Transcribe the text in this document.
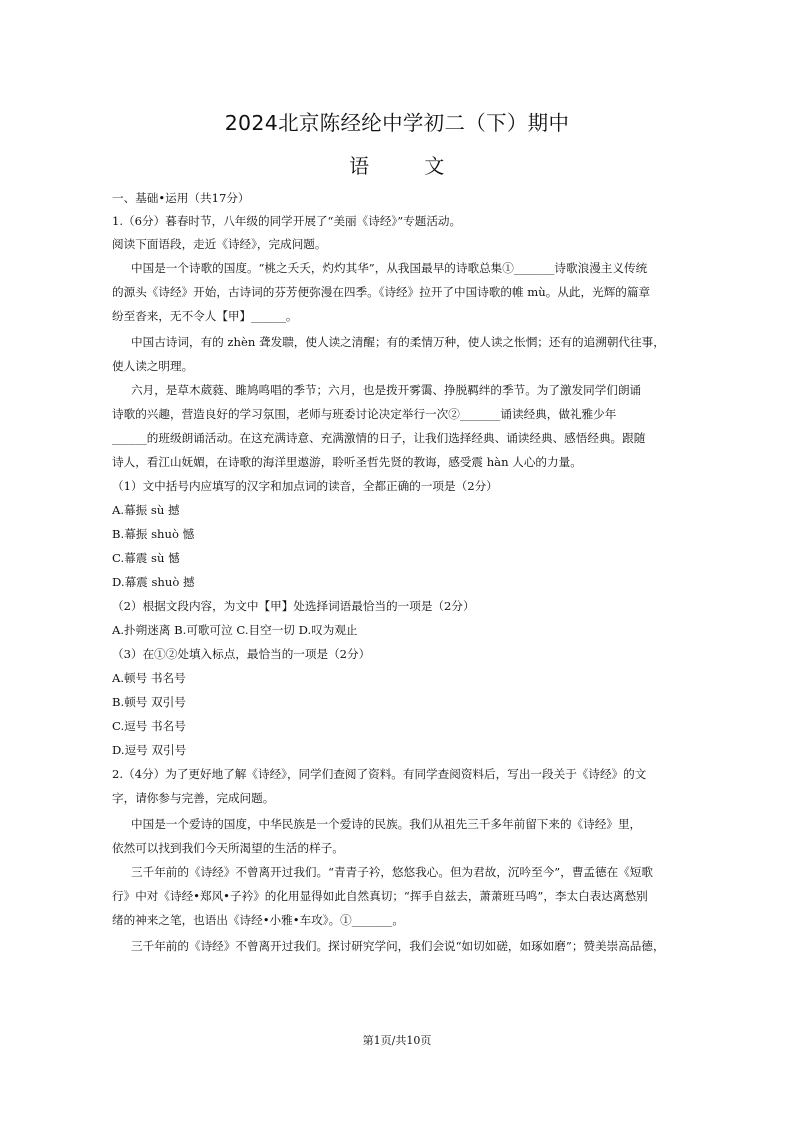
2024北京陈经纶中学初二（下）期中
语	文
一、基础•运用（共17分）
1.（6分）暮春时节，八年级的同学开展了“美丽《诗经》”专题活动。
阅读下面语段，走近《诗经》，完成问题。
中国是一个诗歌的国度。“桃之夭夭，灼灼其华”，从我国最早的诗歌总集①_______诗歌浪漫主义传统
的源头《诗经》开始，古诗词的芬芳便弥漫在四季。《诗经》拉开了中国诗歌的帷 mù。从此，光辉的篇章
纷至沓来，无不令人【甲】______。
中国古诗词，有的 zhèn 聋发聩，使人读之清醒；有的柔情万种，使人读之怅惘；还有的追溯朝代往事，
使人读之明理。
六月，是草木葳蕤、雎鸠鸣唱的季节；六月，也是拨开雾霭、挣脱羁绊的季节。为了激发同学们朗诵
诗歌的兴趣，营造良好的学习氛围，老师与班委讨论决定举行一次②_______诵读经典，做礼雅少年
______的班级朗诵活动。在这充满诗意、充满激情的日子，让我们选择经典、诵读经典、感悟经典。跟随
诗人，看江山妩媚，在诗歌的海洋里遨游，聆听圣哲先贤的教诲，感受震 hàn 人心的力量。
（1）文中括号内应填写的汉字和加点词的读音，全都正确的一项是（2分）
A.幕振 sù 撼
B.幕振 shuò 憾
C.幕震 sù 憾
D.幕震 shuò 撼
（2）根据文段内容，为文中【甲】处选择词语最恰当的一项是（2分）
A.扑朔迷离 B.可歌可泣 C.目空一切 D.叹为观止
（3）在①②处填入标点，最恰当的一项是（2分）
A.顿号 书名号
B.顿号 双引号
C.逗号 书名号
D.逗号 双引号
2.（4分）为了更好地了解《诗经》，同学们查阅了资料。有同学查阅资料后，写出一段关于《诗经》的文
字，请你参与完善，完成问题。
中国是一个爱诗的国度，中华民族是一个爱诗的民族。我们从祖先三千多年前留下来的《诗经》里，
依然可以找到我们今天所渴望的生活的样子。
三千年前的《诗经》不曾离开过我们。“青青子衿，悠悠我心。但为君故，沉吟至今”，曹孟德在《短歌
行》中对《诗经•郑风•子衿》的化用显得如此自然真切；“挥手自兹去，萧萧班马鸣”，李太白表达离愁别
绪的神来之笔，也语出《诗经•小雅•车攻》。①_______。
三千年前的《诗经》不曾离开过我们。探讨研究学问，我们会说“如切如磋，如琢如磨”；赞美崇高品德，
第1页/共10页
